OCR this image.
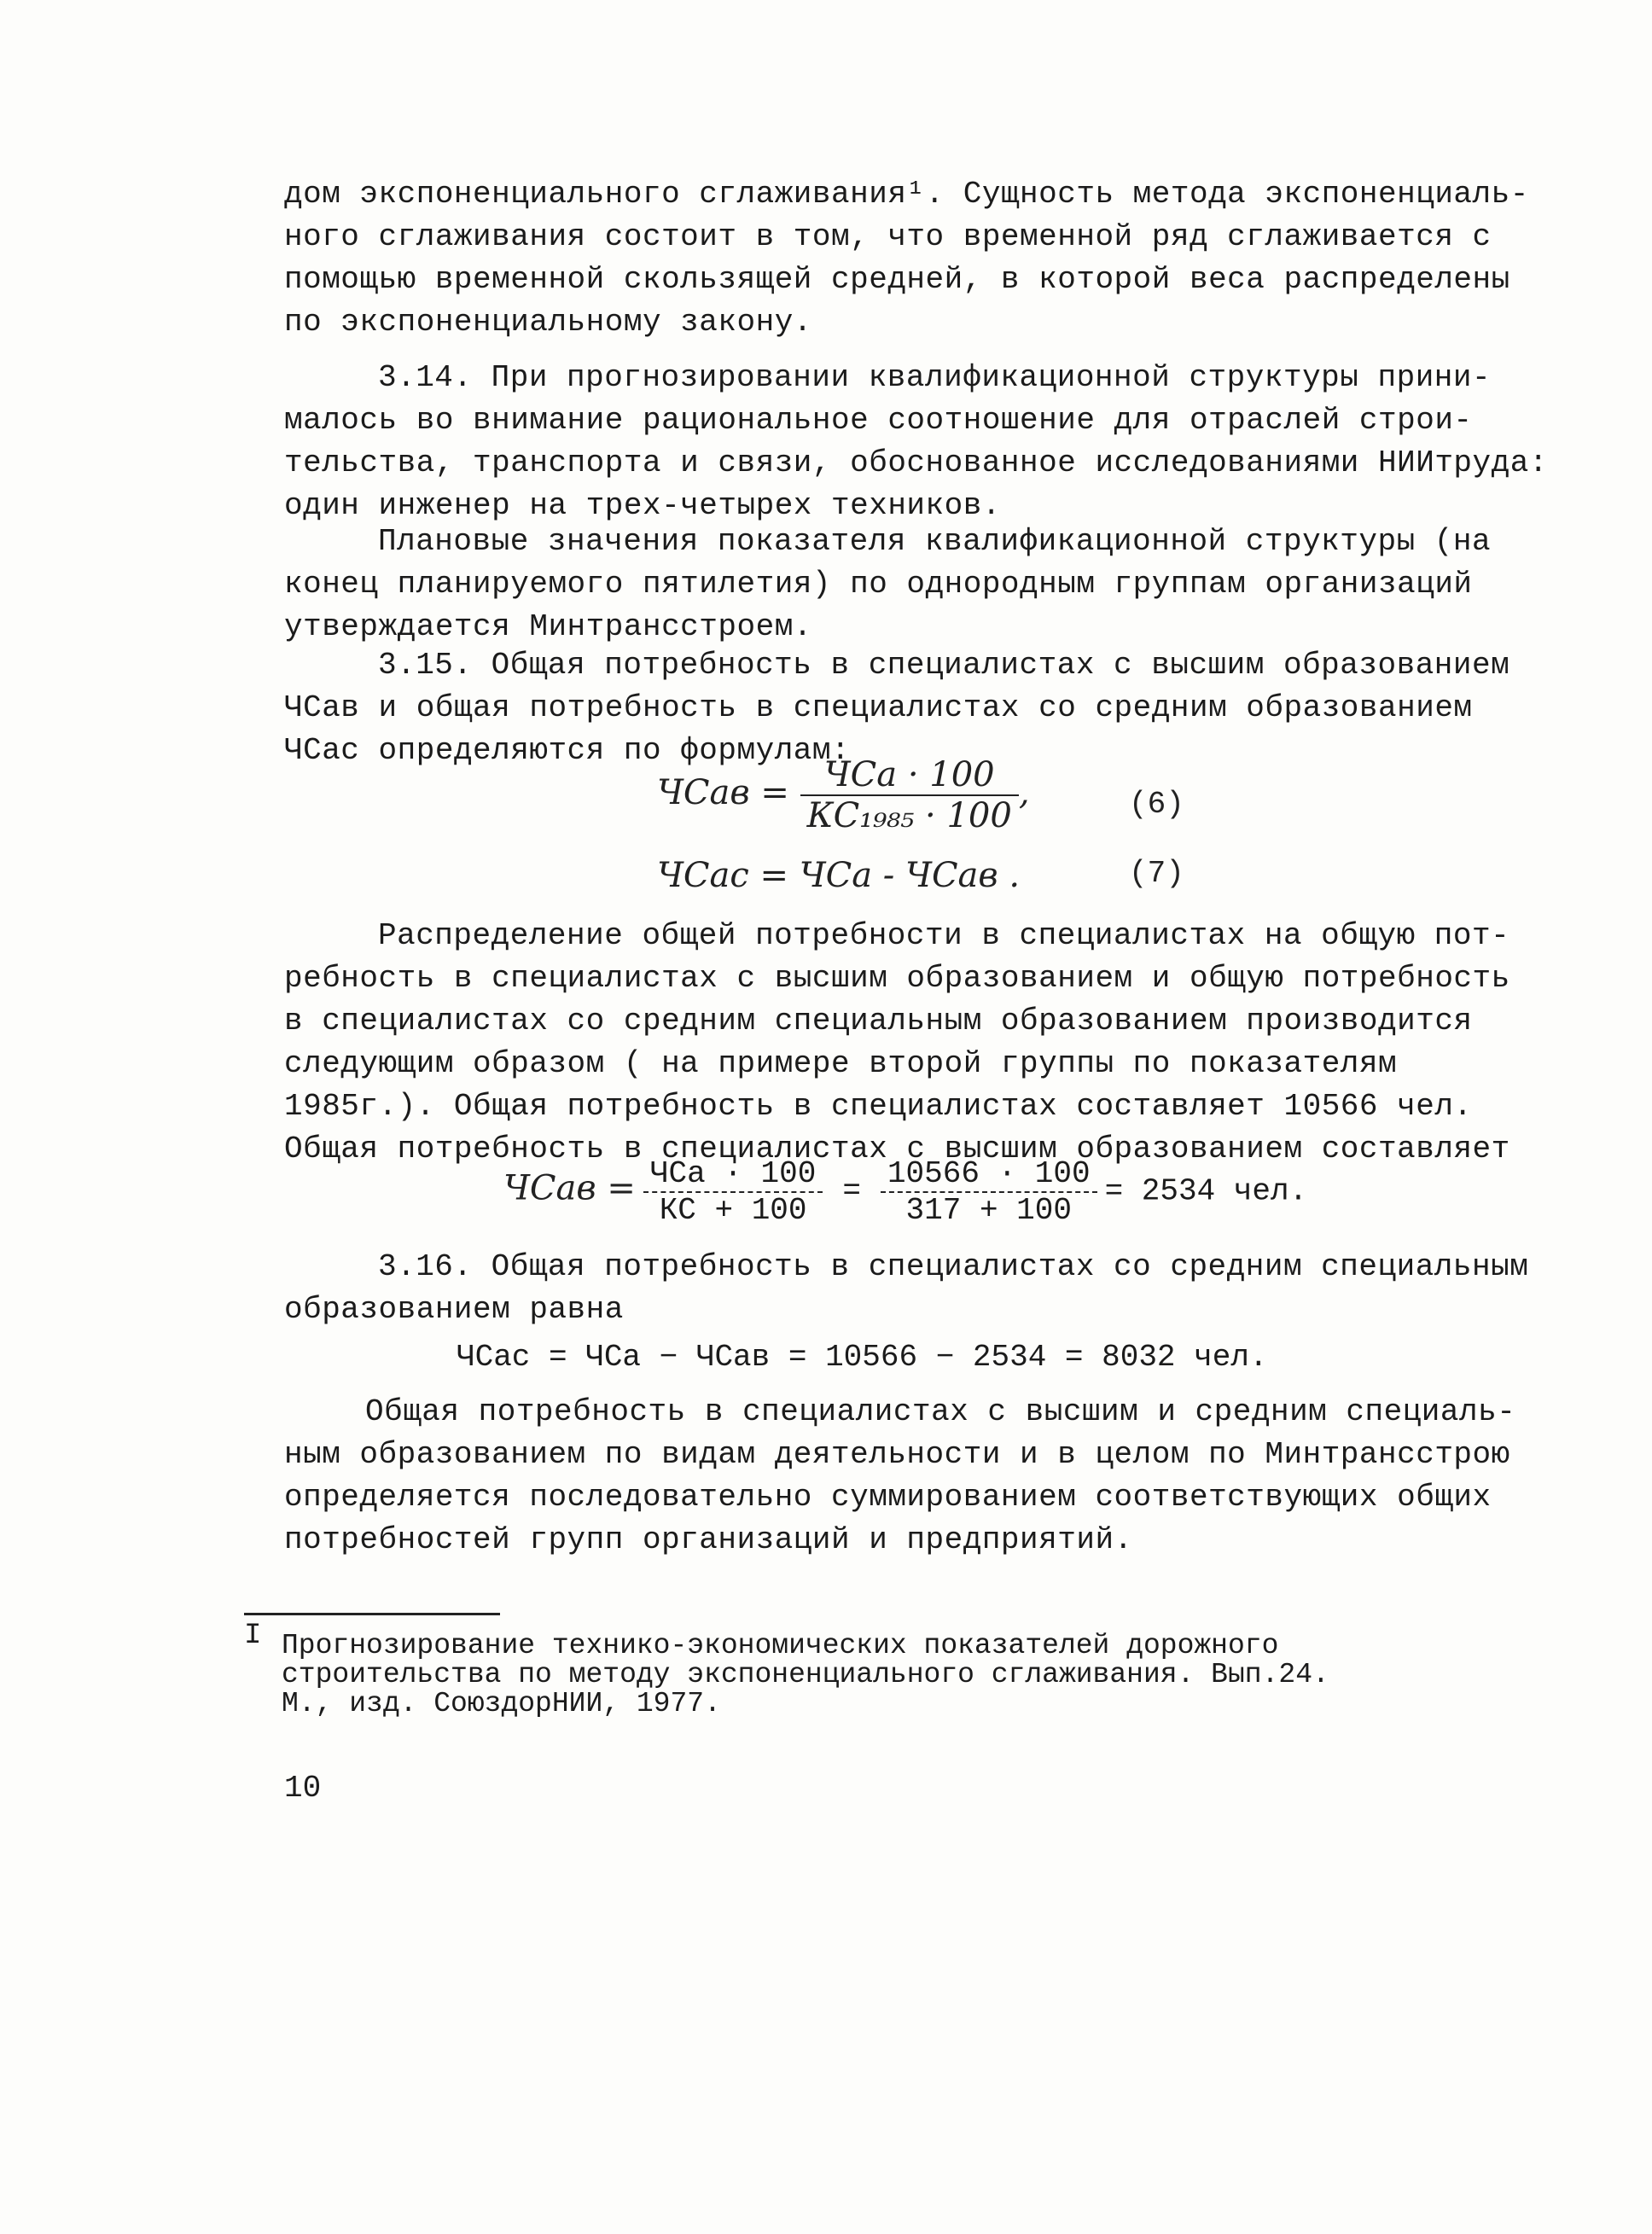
дом экспоненциального сглаживания¹. Сущность метода экспоненциаль-
ного сглаживания состоит в том, что временной ряд сглаживается с
помощью временной скользящей средней, в которой веса распределены
по экспоненциальному закону.
3.14. При прогнозировании квалификационной структуры прини-
малось во внимание рациональное соотношение для отраслей строи-
тельства, транспорта и связи, обоснованное исследованиями НИИтруда:
один инженер на трех-четырех техников.
Плановые значения показателя квалификационной структуры (на
конец планируемого пятилетия) по однородным группам организаций
утверждается Минтрансстроем.
3.15. Общая потребность в специалистах с высшим образованием
ЧCав и общая потребность в специалистах со средним образованием
ЧCас определяются по формулам:
ЧCав = $\frac{\text{ЧCа · 100}}{\text{КC₁₉₈₅ · 100}}$ ,	(6)
ЧCас = ЧCа - ЧCав .	(7)
Распределение общей потребности в специалистах на общую пот-
ребность в специалистах с высшим образованием и общую потребность
в специалистах со средним специальным образованием производится
следующим образом ( на примере второй группы по показателям
1985г.). Общая потребность в специалистах составляет 10566 чел.
Общая потребность в специалистах с высшим образованием составляет
ЧCав = $\frac{\text{ЧCа · 100}}{КC + 100} = \frac{10566 \cdot 100}{317 + 100} = 2534$ чел.
3.16. Общая потребность в специалистах со средним специальным
образованием равна
ЧCас = ЧCа − ЧCав = 10566 − 2534 = 8032 чел.
Общая потребность в специалистах с высшим и средним специаль-
ным образованием по видам деятельности и в целом по Минтрансстрою
определяется последовательно суммированием соответствующих общих
потребностей групп организаций и предприятий.
I Прогнозирование технико-экономических показателей дорожного
строительства по методу экспоненциального сглаживания. Вып.24.
М., изд. СоюздорНИИ, 1977.
10
